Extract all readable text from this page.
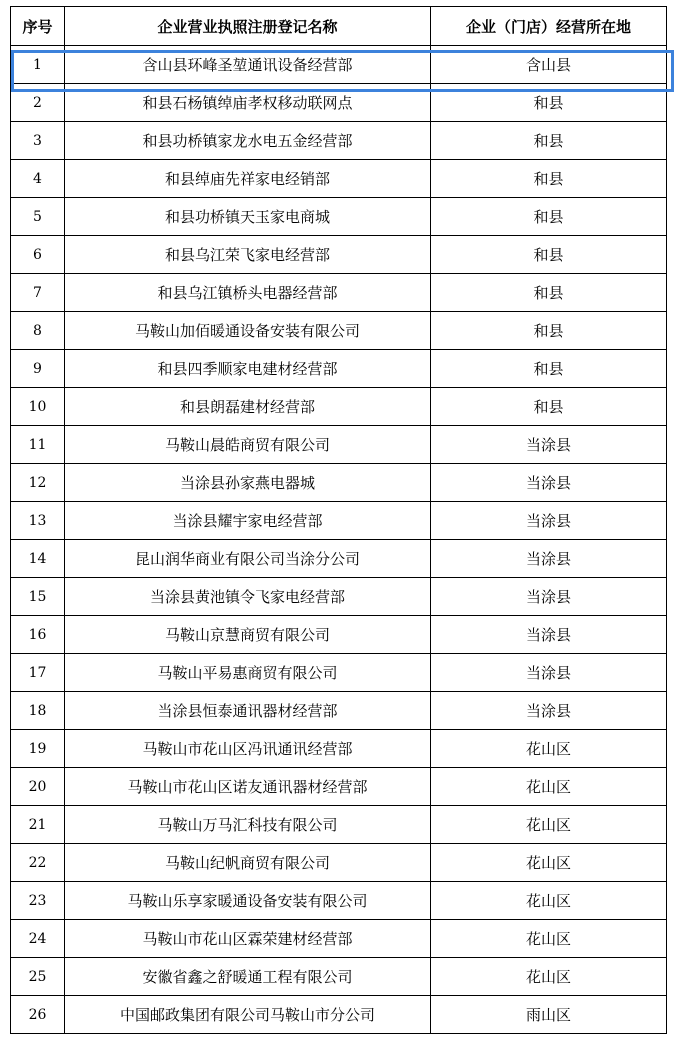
序号	企业营业执照注册登记名称	企业（门店）经营所在地
1	含山县环峰圣堃通讯设备经营部	含山县
2	和县石杨镇绰庙孝权移动联网点	和县
3	和县功桥镇家龙水电五金经营部	和县
4	和县绰庙先祥家电经销部	和县
5	和县功桥镇天玉家电商城	和县
6	和县乌江荣飞家电经营部	和县
7	和县乌江镇桥头电器经营部	和县
8	马鞍山加佰暖通设备安装有限公司	和县
9	和县四季顺家电建材经营部	和县
10	和县朗磊建材经营部	和县
11	马鞍山晨皓商贸有限公司	当涂县
12	当涂县孙家燕电器城	当涂县
13	当涂县耀宇家电经营部	当涂县
14	昆山润华商业有限公司当涂分公司	当涂县
15	当涂县黄池镇令飞家电经营部	当涂县
16	马鞍山京慧商贸有限公司	当涂县
17	马鞍山平易惠商贸有限公司	当涂县
18	当涂县恒泰通讯器材经营部	当涂县
19	马鞍山市花山区冯讯通讯经营部	花山区
20	马鞍山市花山区诺友通讯器材经营部	花山区
21	马鞍山万马汇科技有限公司	花山区
22	马鞍山纪帆商贸有限公司	花山区
23	马鞍山乐享家暖通设备安装有限公司	花山区
24	马鞍山市花山区霖荣建材经营部	花山区
25	安徽省鑫之舒暖通工程有限公司	花山区
26	中国邮政集团有限公司马鞍山市分公司	雨山区
